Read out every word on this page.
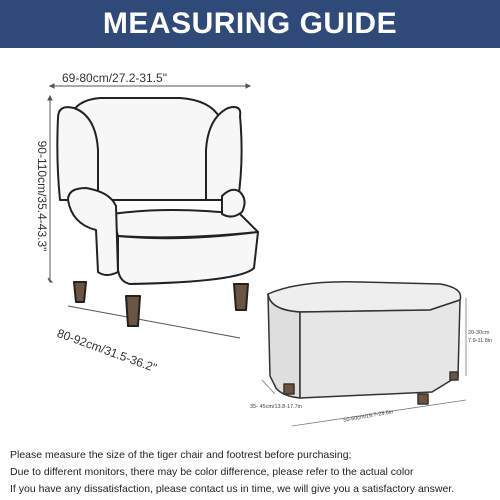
MEASURING GUIDE
69-80cm/27.2-31.5"
90-110cm/35.4-43.3"
80-92cm/31.5-36.2"	20-30cm
7.9-11.8in
35- 45cm/13.8-17.7in
50-60cm/19.7-23.6in
Please measure the size of the tiger chair and footrest before purchasing;
Due to different monitors, there may be color difference, please refer to the actual color
If you have any dissatisfaction, please contact us in time, we will give you a satisfactory answer.
